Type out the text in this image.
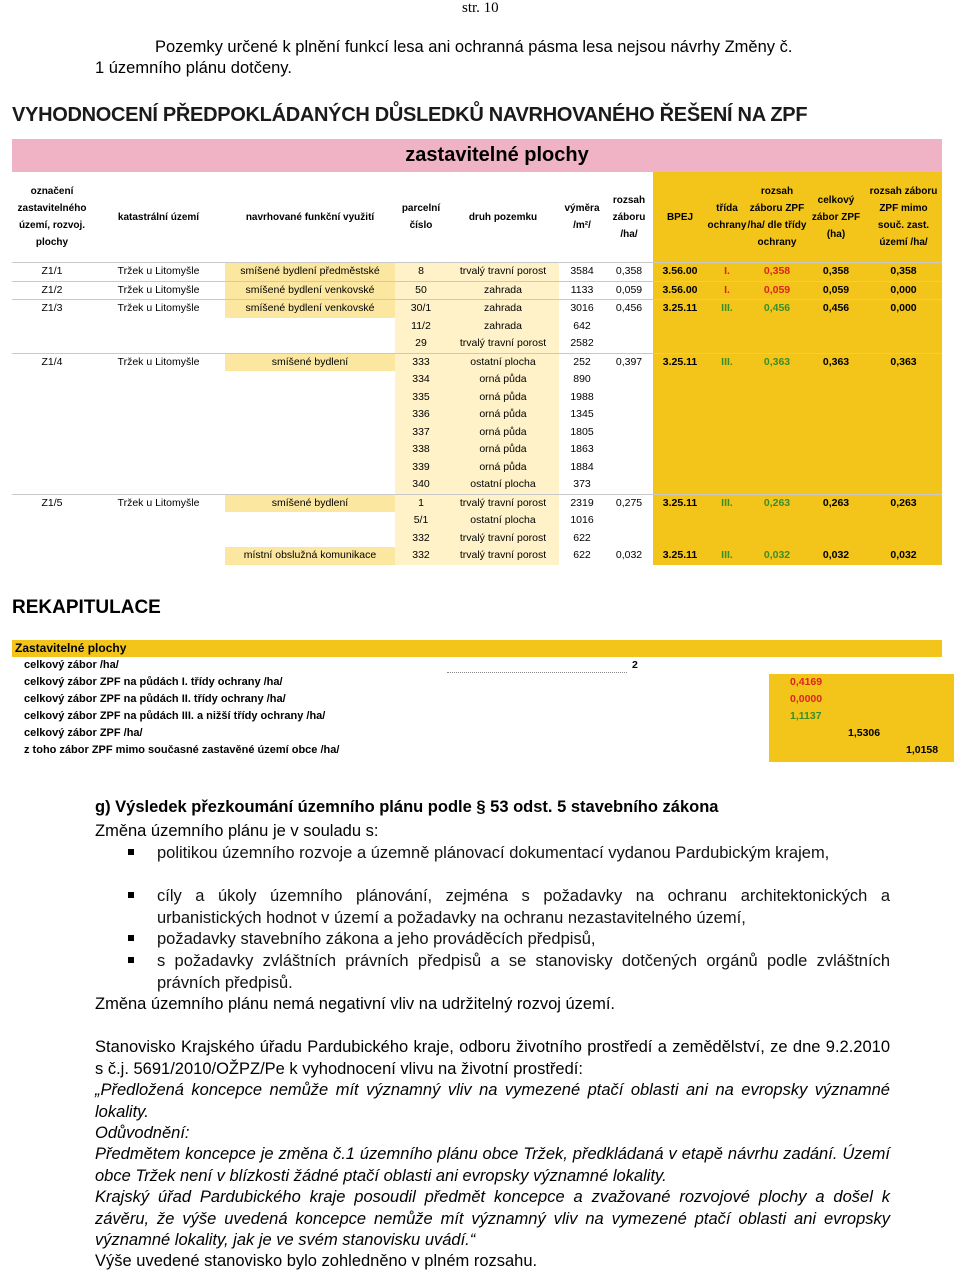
str. 10
Pozemky určené k plnění funkcí lesa ani ochranná pásma lesa nejsou návrhy Změny č.
1 územního plánu dotčeny.
VYHODNOCENÍ PŘEDPOKLÁDANÝCH DŮSLEDKŮ NAVRHOVANÉHO ŘEŠENÍ NA ZPF
zastavitelné plochy
označení zastavitelného území, rozvoj. plochy	katastrální území	navrhované funkční využití	parcelní číslo	druh pozemku	výměra /m²/	rozsah záboru /ha/	BPEJ	třída ochrany	rozsah záboru ZPF /ha/ dle třídy ochrany	celkový zábor ZPF (ha)	rozsah záboru ZPF mimo souč. zast. území /ha/
Z1/1	Tržek u Litomyšle	smíšené bydlení předměstské	8	trvalý travní porost	3584	0,358	3.56.00	I.	0,358	0,358	0,358
Z1/2	Tržek u Litomyšle	smíšené bydlení venkovské	50	zahrada	1133	0,059	3.56.00	I.	0,059	0,059	0,000
Z1/3	Tržek u Litomyšle	smíšené bydlení venkovské	30/1	zahrada	3016	0,456	3.25.11	III.	0,456	0,456	0,000
			11/2	zahrada	642						
			29	trvalý travní porost	2582						
Z1/4	Tržek u Litomyšle	smíšené bydlení	333	ostatní plocha	252	0,397	3.25.11	III.	0,363	0,363	0,363
			334	orná půda	890						
			335	orná půda	1988						
			336	orná půda	1345						
			337	orná půda	1805						
			338	orná půda	1863						
			339	orná půda	1884						
			340	ostatní plocha	373						
Z1/5	Tržek u Litomyšle	smíšené bydlení	1	trvalý travní porost	2319	0,275	3.25.11	III.	0,263	0,263	0,263
			5/1	ostatní plocha	1016						
			332	trvalý travní porost	622						
		místní obslužná komunikace	332	trvalý travní porost	622	0,032	3.25.11	III.	0,032	0,032	0,032
REKAPITULACE
Zastavitelné plochy
celkový zábor /ha/	2
celkový zábor ZPF na půdách I. třídy ochrany /ha/	0,4169
celkový zábor ZPF na půdách II. třídy ochrany /ha/	0,0000
celkový zábor ZPF na půdách III. a nižší třídy ochrany /ha/	1,1137
celkový zábor ZPF /ha/	1,5306
z toho zábor ZPF mimo současné zastavěné území obce /ha/	1,0158
g) Výsledek přezkoumání územního plánu podle § 53 odst. 5 stavebního zákona
Změna územního plánu je v souladu s:
politikou územního rozvoje a územně plánovací dokumentací vydanou Pardubickým krajem,
cíly a úkoly územního plánování, zejména s požadavky na ochranu architektonických a urbanistických hodnot v území a požadavky na ochranu nezastavitelného území,
požadavky stavebního zákona a jeho prováděcích předpisů,
s požadavky zvláštních právních předpisů a se stanovisky dotčených orgánů podle zvláštních právních předpisů.
Změna územního plánu nemá negativní vliv na udržitelný rozvoj území.
Stanovisko Krajského úřadu Pardubického kraje, odboru životního prostředí a zemědělství, ze dne 9.2.2010 s č.j. 5691/2010/OŽPZ/Pe k vyhodnocení vlivu na životní prostředí:
„Předložená koncepce nemůže mít významný vliv na vymezené ptačí oblasti ani na evropsky významné lokality.
Odůvodnění:
Předmětem koncepce je změna č.1 územního plánu obce Tržek, předkládaná v etapě návrhu zadání. Území obce Tržek není v blízkosti žádné ptačí oblasti ani evropsky významné lokality.
Krajský úřad Pardubického kraje posoudil předmět koncepce a zvažované rozvojové plochy a došel k závěru, že výše uvedená koncepce nemůže mít významný vliv na vymezené ptačí oblasti ani evropsky významné lokality, jak je ve svém stanovisku uvádí.“
Výše uvedené stanovisko bylo zohledněno v plném rozsahu.
